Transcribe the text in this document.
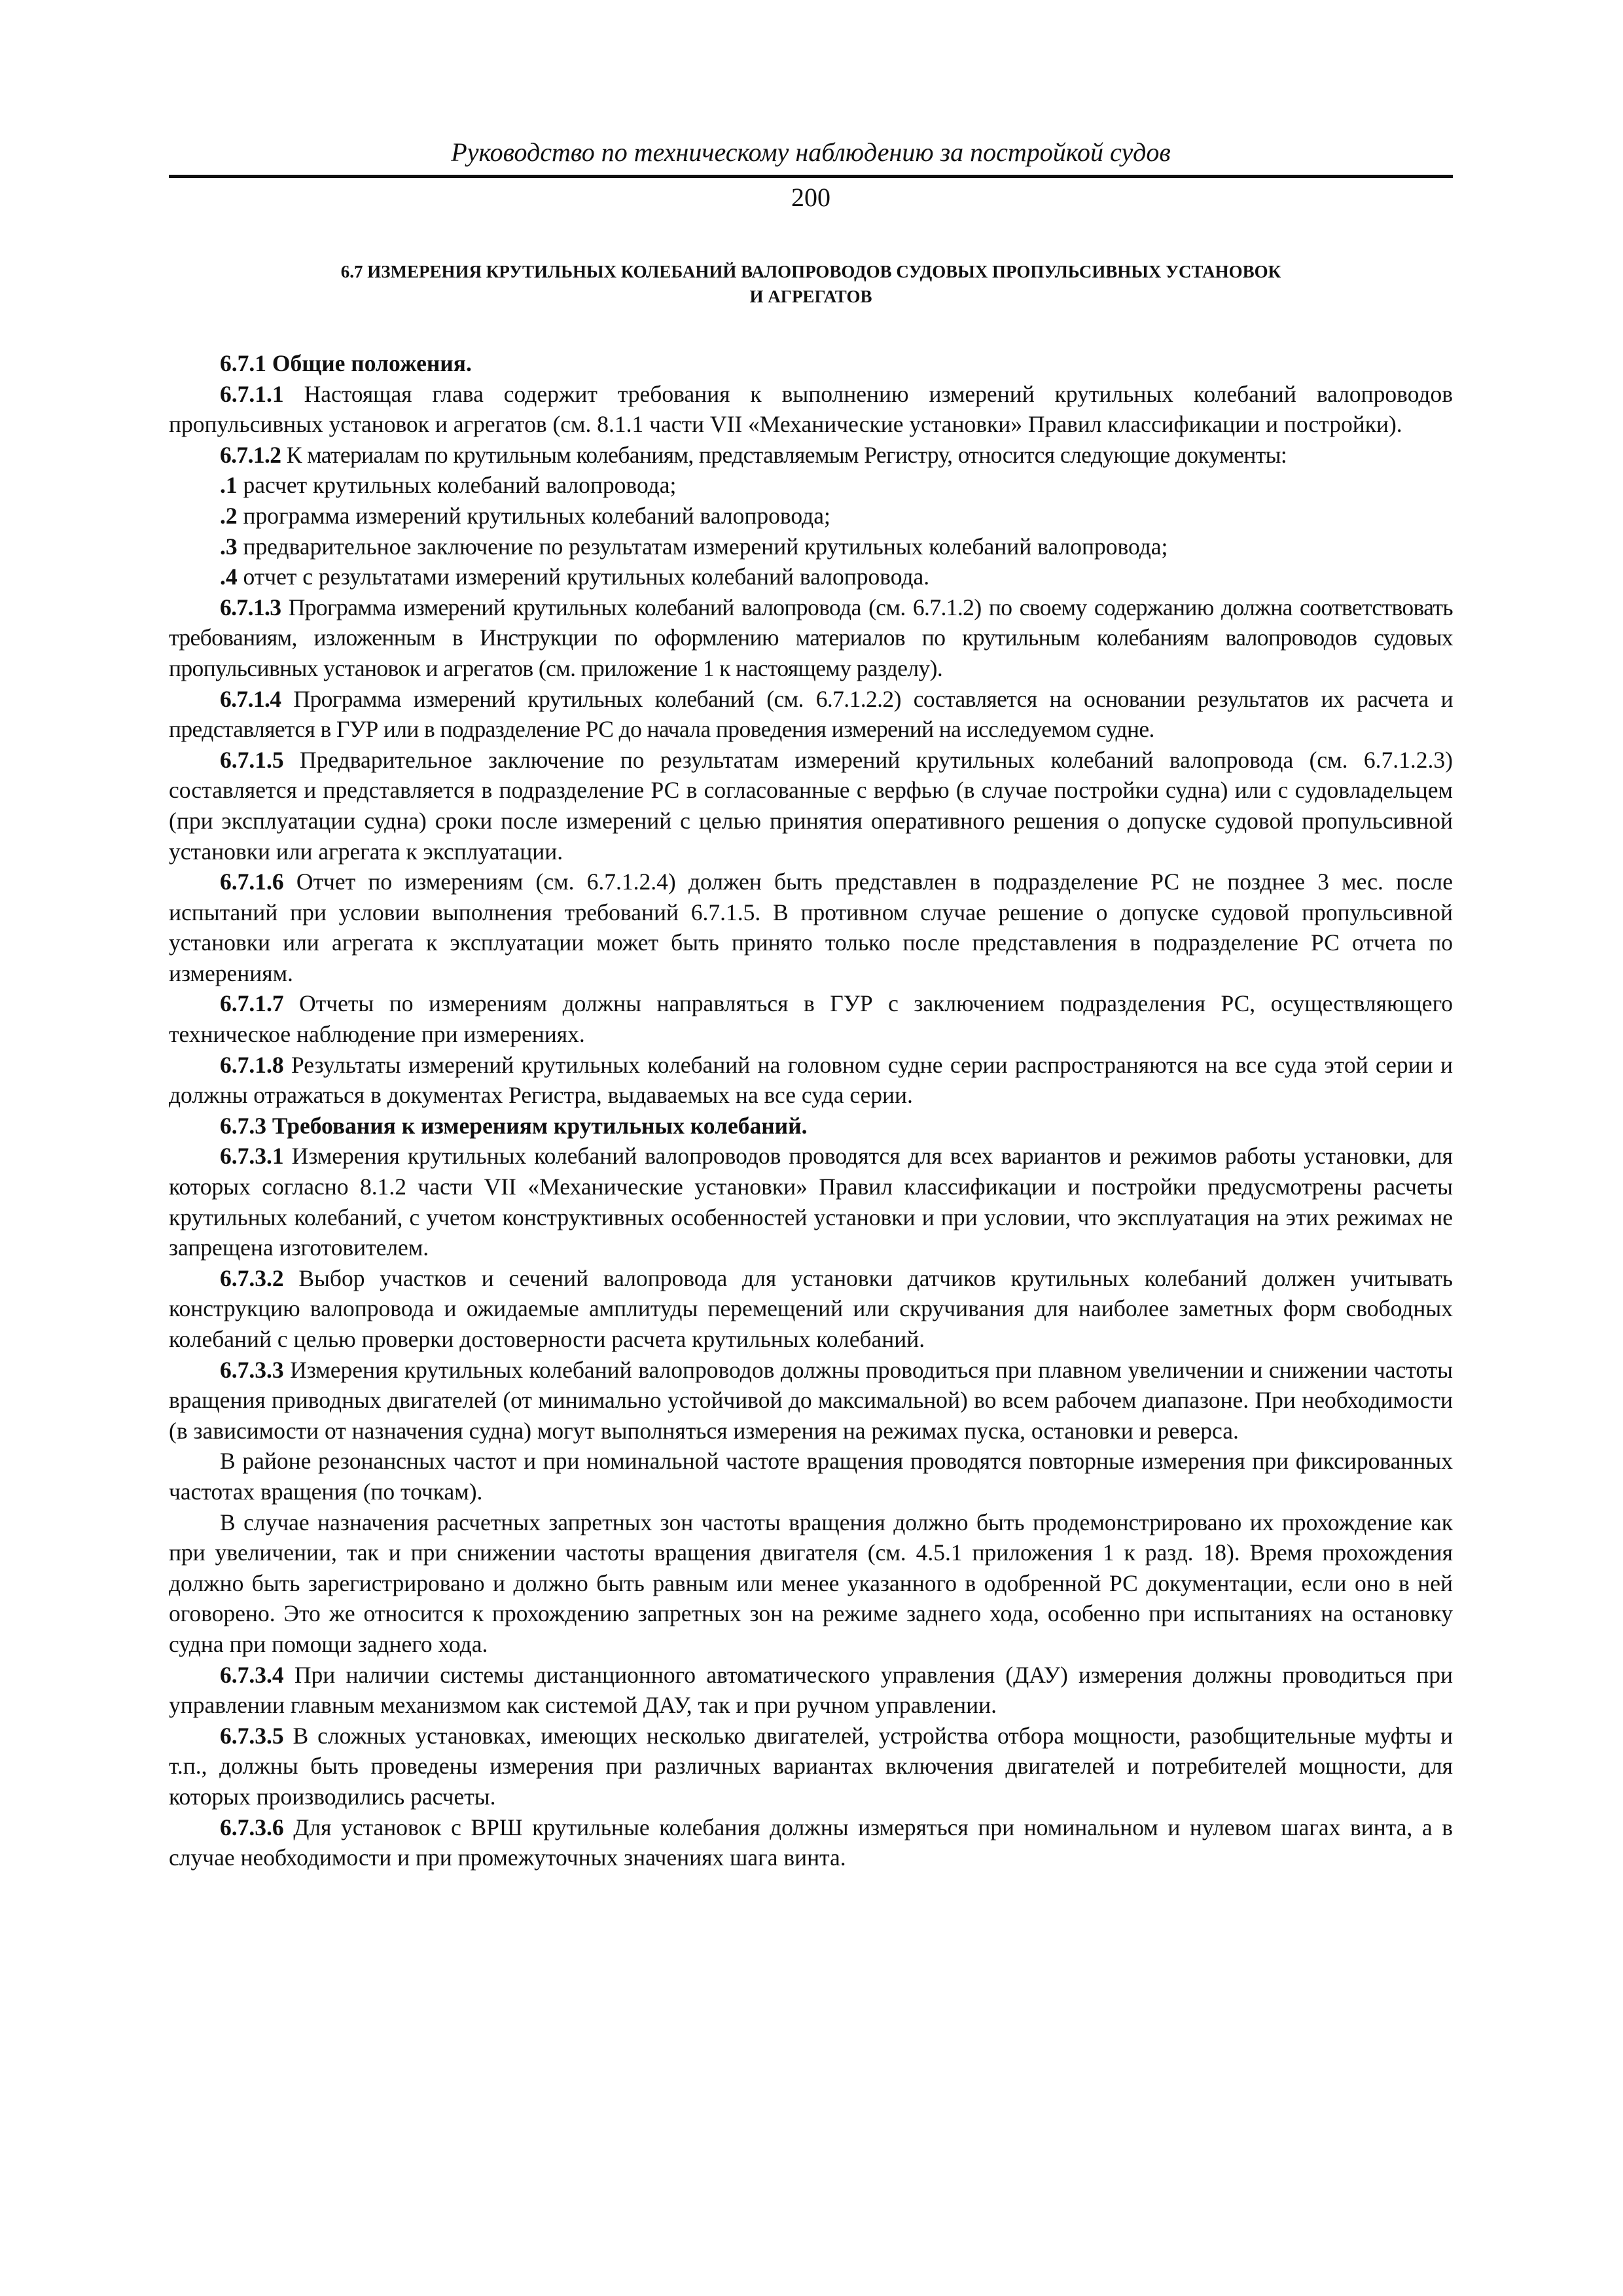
Руководство по техническому наблюдению за постройкой судов
200
6.7 ИЗМЕРЕНИЯ КРУТИЛЬНЫХ КОЛЕБАНИЙ ВАЛОПРОВОДОВ СУДОВЫХ ПРОПУЛЬСИВНЫХ УСТАНОВОК
И АГРЕГАТОВ
6.7.1 Общие положения.
6.7.1.1 Настоящая глава содержит требования к выполнению измерений крутильных колебаний валопроводов пропульсивных установок и агрегатов (см. 8.1.1 части VII «Механические установки» Правил классификации и постройки).
6.7.1.2 К материалам по крутильным колебаниям, представляемым Регистру, относится следующие документы:
.1 расчет крутильных колебаний валопровода;
.2 программа измерений крутильных колебаний валопровода;
.3 предварительное заключение по результатам измерений крутильных колебаний валопровода;
.4 отчет с результатами измерений крутильных колебаний валопровода.
6.7.1.3 Программа измерений крутильных колебаний валопровода (см. 6.7.1.2) по своему содержанию должна соответствовать требованиям, изложенным в Инструкции по оформлению материалов по крутильным колебаниям валопроводов судовых пропульсивных установок и агрегатов (см. приложение 1 к настоящему разделу).
6.7.1.4 Программа измерений крутильных колебаний (см. 6.7.1.2.2) составляется на основании результатов их расчета и представляется в ГУР или в подразделение РС до начала проведения измерений на исследуемом судне.
6.7.1.5 Предварительное заключение по результатам измерений крутильных колебаний валопровода (см. 6.7.1.2.3) составляется и представляется в подразделение РС в согласованные с верфью (в случае постройки судна) или с судовладельцем (при эксплуатации судна) сроки после измерений с целью принятия оперативного решения о допуске судовой пропульсивной установки или агрегата к эксплуатации.
6.7.1.6 Отчет по измерениям (см. 6.7.1.2.4) должен быть представлен в подразделение РС не позднее 3 мес. после испытаний при условии выполнения требований 6.7.1.5. В противном случае решение о допуске судовой пропульсивной установки или агрегата к эксплуатации может быть принято только после представления в подразделение РС отчета по измерениям.
6.7.1.7 Отчеты по измерениям должны направляться в ГУР с заключением подразделения РС, осуществляющего техническое наблюдение при измерениях.
6.7.1.8 Результаты измерений крутильных колебаний на головном судне серии распространяются на все суда этой серии и должны отражаться в документах Регистра, выдаваемых на все суда серии.
6.7.3 Требования к измерениям крутильных колебаний.
6.7.3.1 Измерения крутильных колебаний валопроводов проводятся для всех вариантов и режимов работы установки, для которых согласно 8.1.2 части VII «Механические установки» Правил классификации и постройки предусмотрены расчеты крутильных колебаний, с учетом конструктивных особенностей установки и при условии, что эксплуатация на этих режимах не запрещена изготовителем.
6.7.3.2 Выбор участков и сечений валопровода для установки датчиков крутильных колебаний должен учитывать конструкцию валопровода и ожидаемые амплитуды перемещений или скручивания для наиболее заметных форм свободных колебаний с целью проверки достоверности расчета крутильных колебаний.
6.7.3.3 Измерения крутильных колебаний валопроводов должны проводиться при плавном увеличении и снижении частоты вращения приводных двигателей (от минимально устойчивой до максимальной) во всем рабочем диапазоне. При необходимости (в зависимости от назначения судна) могут выполняться измерения на режимах пуска, остановки и реверса.
В районе резонансных частот и при номинальной частоте вращения проводятся повторные измерения при фиксированных частотах вращения (по точкам).
В случае назначения расчетных запретных зон частоты вращения должно быть продемонстрировано их прохождение как при увеличении, так и при снижении частоты вращения двигателя (см. 4.5.1 приложения 1 к разд. 18). Время прохождения должно быть зарегистрировано и должно быть равным или менее указанного в одобренной РС документации, если оно в ней оговорено. Это же относится к прохождению запретных зон на режиме заднего хода, особенно при испытаниях на остановку судна при помощи заднего хода.
6.7.3.4 При наличии системы дистанционного автоматического управления (ДАУ) измерения должны проводиться при управлении главным механизмом как системой ДАУ, так и при ручном управлении.
6.7.3.5 В сложных установках, имеющих несколько двигателей, устройства отбора мощности, разобщительные муфты и т.п., должны быть проведены измерения при различных вариантах включения двигателей и потребителей мощности, для которых производились расчеты.
6.7.3.6 Для установок с ВРШ крутильные колебания должны измеряться при номинальном и нулевом шагах винта, а в случае необходимости и при промежуточных значениях шага винта.
